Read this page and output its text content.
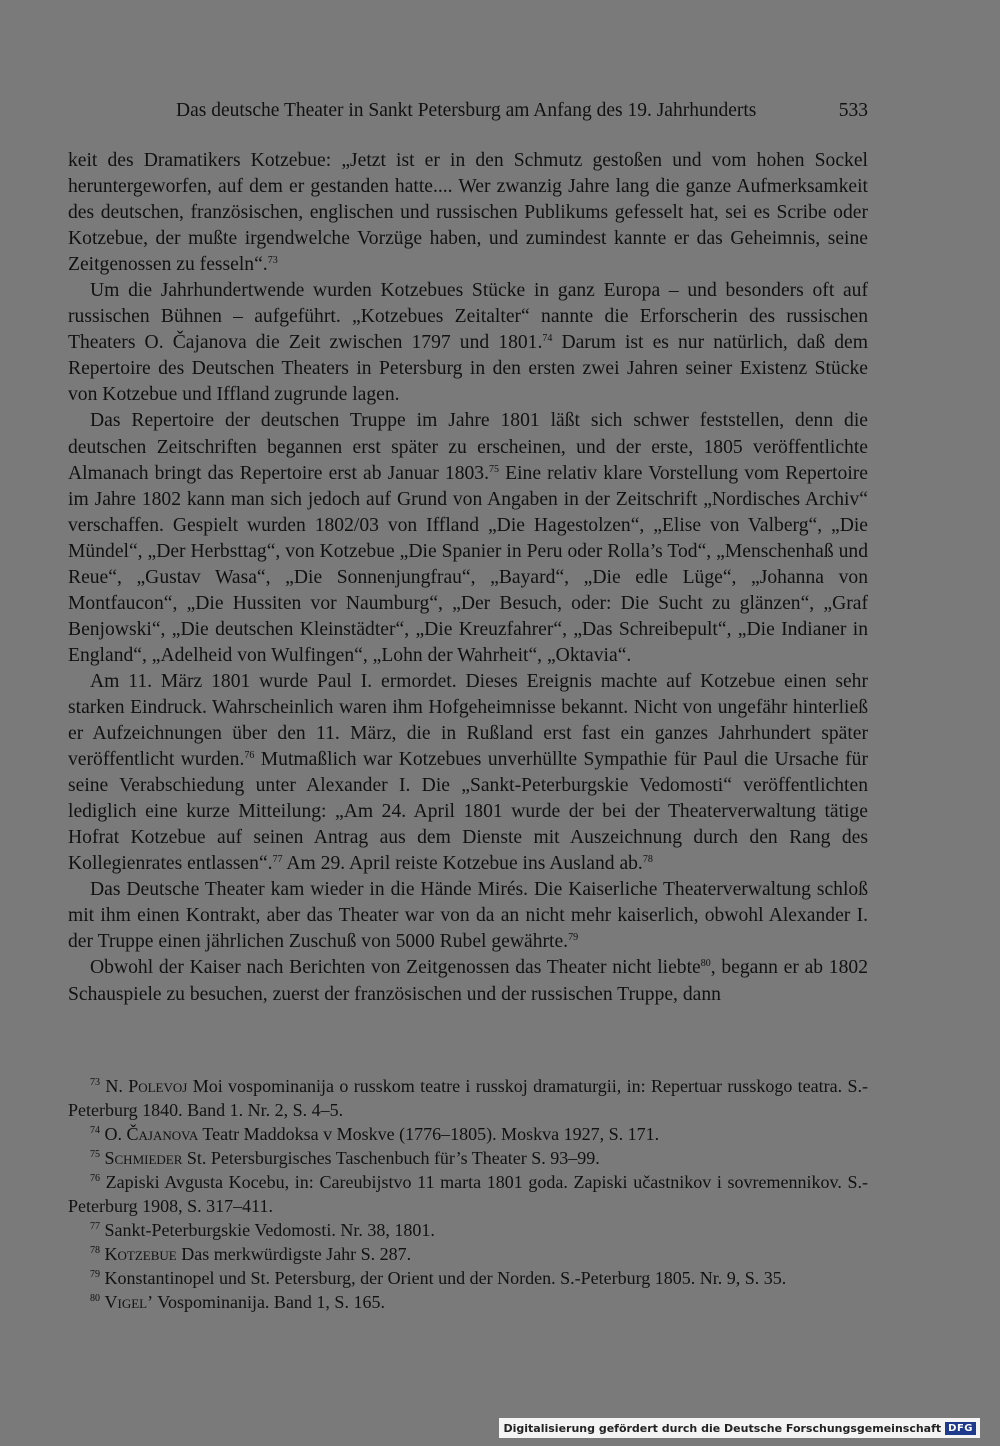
Das deutsche Theater in Sankt Petersburg am Anfang des 19. Jahrhunderts	533

keit des Dramatikers Kotzebue: „Jetzt ist er in den Schmutz gestoßen und vom hohen Sockel heruntergeworfen, auf dem er gestanden hatte.... Wer zwanzig Jahre lang die ganze Aufmerksamkeit des deutschen, französischen, englischen und russischen Publikums gefesselt hat, sei es Scribe oder Kotzebue, der mußte irgendwelche Vorzüge haben, und zumindest kannte er das Geheimnis, seine Zeitgenossen zu fesseln“.$^{73}$

Um die Jahrhundertwende wurden Kotzebues Stücke in ganz Europa – und besonders oft auf russischen Bühnen – aufgeführt. „Kotzebues Zeitalter“ nannte die Erforscherin des russischen Theaters O. Čajanova die Zeit zwischen 1797 und 1801.74 Darum ist es nur natürlich, daß dem Repertoire des Deutschen Theaters in Petersburg in den ersten zwei Jahren seiner Existenz Stücke von Kotzebue und Iffland zugrunde lagen.

Das Repertoire der deutschen Truppe im Jahre 1801 läßt sich schwer feststellen, denn die deutschen Zeitschriften begannen erst später zu erscheinen, und der erste, 1805 veröffentlichte Almanach bringt das Repertoire erst ab Januar 1803.75 Eine relativ klare Vorstellung vom Repertoire im Jahre 1802 kann man sich jedoch auf Grund von Angaben in der Zeitschrift „Nordisches Archiv“ verschaffen. Gespielt wurden 1802/03 von Iffland „Die Hagestolzen“, „Elise von Valberg“, „Die Mündel“, „Der Herbsttag“, von Kotzebue „Die Spanier in Peru oder Rolla’s Tod“, „Menschenhaß und Reue“, „Gustav Wasa“, „Die Sonnenjungfrau“, „Bayard“, „Die edle Lüge“, „Johanna von Montfaucon“, „Die Hussiten vor Naumburg“, „Der Besuch, oder: Die Sucht zu glänzen“, „Graf Benjowski“, „Die deutschen Kleinstädter“, „Die Kreuzfahrer“, „Das Schreibepult“, „Die Indianer in England“, „Adelheid von Wulfingen“, „Lohn der Wahrheit“, „Oktavia“.

Am 11. März 1801 wurde Paul I. ermordet. Dieses Ereignis machte auf Kotzebue einen sehr starken Eindruck. Wahrscheinlich waren ihm Hofgeheimnisse bekannt. Nicht von ungefähr hinterließ er Aufzeichnungen über den 11. März, die in Rußland erst fast ein ganzes Jahrhundert später veröffentlicht wurden.$^{76}$ Mutmaßlich war Kotzebues unverhüllte Sympathie für Paul die Ursache für seine Verabschiedung unter Alexander I. Die „Sankt-Peterburgskie Vedomosti“ veröffentlichten lediglich eine kurze Mitteilung: „Am 24. April 1801 wurde der bei der Theaterverwaltung tätige Hofrat Kotzebue auf seinen Antrag aus dem Dienste mit Auszeichnung durch den Rang des Kollegienrates entlassen“.$^{77}$ Am 29. April reiste Kotzebue ins Ausland ab.$^{78}$

Das Deutsche Theater kam wieder in die Hände Mirés. Die Kaiserliche Theaterverwaltung schloß mit ihm einen Kontrakt, aber das Theater war von da an nicht mehr kaiserlich, obwohl Alexander I. der Truppe einen jährlichen Zuschuß von 5000 Rubel gewährte.$^{79}$

Obwohl der Kaiser nach Berichten von Zeitgenossen das Theater nicht liebte$^{80}$, begann er ab 1802 Schauspiele zu besuchen, zuerst der französischen und der russischen Truppe, dann

$^{73}$ N. Polevoj Moi vospominanija o russkom teatre i russkoj dramaturgii, in: Repertuar russkogo teatra. S.-Peterburg 1840. Band 1. Nr. 2, S. 4–5.

$^{74}$ O. Čajanova Teatr Maddoksa v Moskve (1776–1805). Moskva 1927, S. 171.

$^{75}$ Schmieder St. Petersburgisches Taschenbuch für’s Theater S. 93–99.

$^{76}$ Zapiski Avgusta Kocebu, in: Careubijstvo 11 marta 1801 goda. Zapiski učastnikov i sovremennikov. S.-Peterburg 1908, S. 317–411.

$^{77}$ Sankt-Peterburgskie Vedomosti. Nr. 38, 1801.

$^{78}$ Kotzebue Das merkwürdigste Jahr S. 287.

$^{79}$ Konstantinopel und St. Petersburg, der Orient und der Norden. S.-Peterburg 1805. Nr. 9, S. 35.

$^{80}$ Vigel’ Vospominanija. Band 1, S. 165.

Digitalisierung gefördert durch die Deutsche Forschungsgemeinschaft DFG
